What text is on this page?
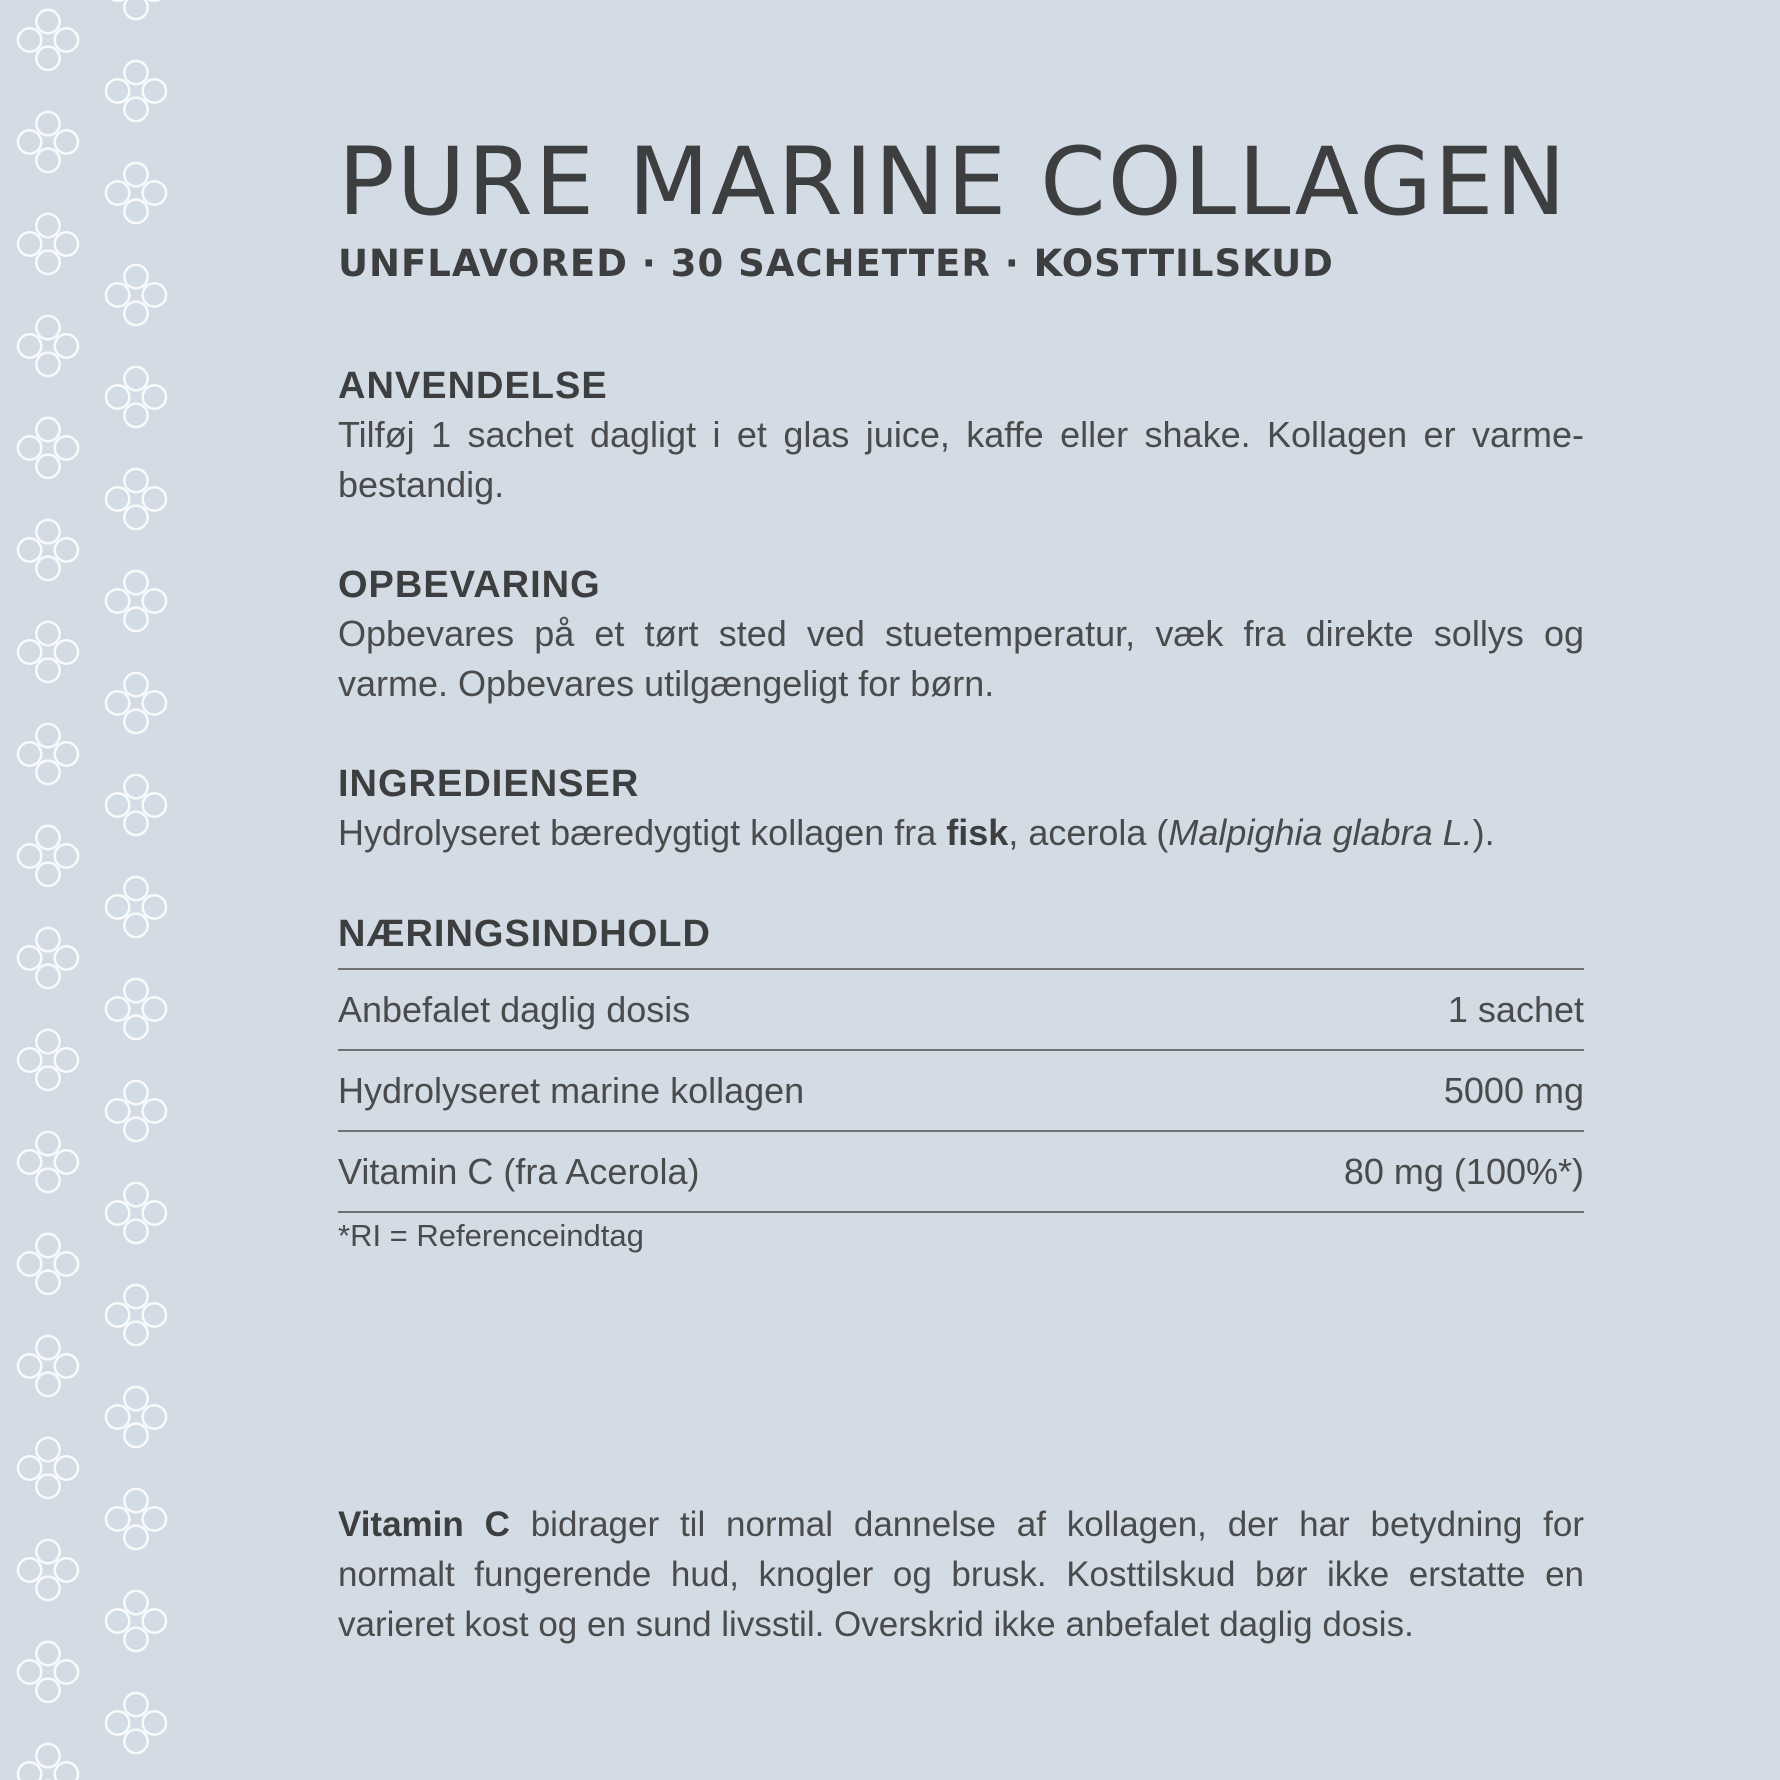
PURE MARINE COLLAGEN
UNFLAVORED · 30 SACHETTER · KOSTTILSKUD
ANVENDELSE

Tilføj 1 sachet dagligt i et glas juice, kaffe eller shake. Kollagen er varme-bestandig.

OPBEVARING

Opbevares på et tørt sted ved stuetemperatur, væk fra direkte sollys og varme. Opbevares utilgængeligt for børn.

INGREDIENSER

Hydrolyseret bæredygtigt kollagen fra fisk, acerola (Malpighia glabra L.).

NÆRINGSINDHOLD
Anbefalet daglig dosis	1 sachet
Hydrolyseret marine kollagen	5000 mg
Vitamin C (fra Acerola)	80 mg (100%*)
*RI = Referenceindtag

Vitamin C bidrager til normal dannelse af kollagen, der har betydning for normalt fungerende hud, knogler og brusk. Kosttilskud bør ikke erstatte en varieret kost og en sund livsstil. Overskrid ikke anbefalet daglig dosis.
